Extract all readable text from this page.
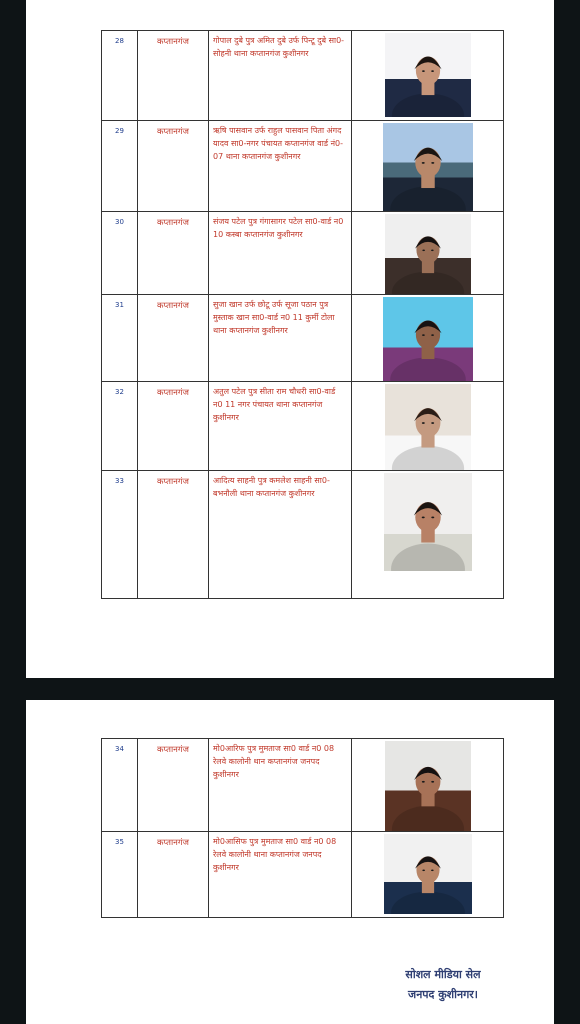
28	कप्तानगंज	गोपाल दुबे पुत्र अमित दुबे उर्फ पिन्टू दुबे सा0-सोहनी थाना कप्तानगंज कुशीनगर	

29	कप्तानगंज	ऋषि पासवान उर्फ राहुल पासवान पिता अंगद यादव सा0-नगर पंचायत कप्तानगंज वार्ड नं0-07 थाना कप्तानगंज कुशीनगर	

30	कप्तानगंज	संजय पटेल पुत्र गंगासागर पटेल सा0-वार्ड न0 10 कस्बा कप्तानगंज कुशीनगर	

31	कप्तानगंज	सुजा खान उर्फ छोटू उर्फ सूजा पठान पुत्र मुस्ताक खान सा0-वार्ड न0 11 कुर्मी टोला थाना कप्तानगंज कुशीनगर	

32	कप्तानगंज	अतुल पटेल पुत्र सीता राम चौधरी सा0-वार्ड न0 11 नगर पंचायत थाना कप्तानगंज कुशीनगर	

33	कप्तानगंज	आदित्य साहनी पुत्र कमलेश साहनी सा0-बभनौली थाना कप्तानगंज कुशीनगर	
34	कप्तानगंज	मो0आरिफ पुत्र मुमताज सा0 वार्ड न0 08 रेलवे कालोनी थान कप्तानगंज जनपद कुशीनगर	

35	कप्तानगंज	मो0आसिफ पुत्र मुमताज सा0 वार्ड न0 08 रेलवे कालोनी थाना कप्तानगंज जनपद कुशीनगर	
सोशल मीडिया सेल
जनपद कुशीनगर।
